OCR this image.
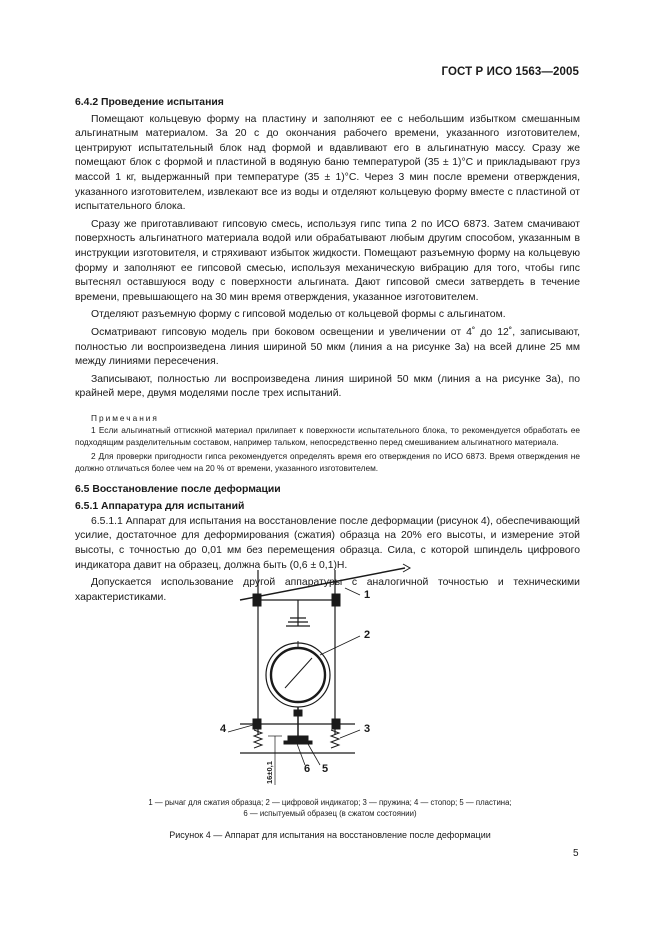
ГОСТ Р ИСО 1563—2005

6.4.2 Проведение испытания

Помещают кольцевую форму на пластину и заполняют ее с небольшим избытком смешанным альгинатным материалом. За 20 с до окончания рабочего времени, указанного изготовителем, центрируют испытательный блок над формой и вдавливают его в альгинатную массу. Сразу же помещают блок с формой и пластиной в водяную баню температурой (35 ± 1)°С и прикладывают груз массой 1 кг, выдержанный при температуре (35 ± 1)°С. Через 3 мин после времени отверждения, указанного изготовителем, извлекают все из воды и отделяют кольцевую форму вместе с пластиной от испытательного блока.

Сразу же приготавливают гипсовую смесь, используя гипс типа 2 по ИСО 6873. Затем смачивают поверхность альгинатного материала водой или обрабатывают любым другим способом, указанным в инструкции изготовителя, и стряхивают избыток жидкости. Помещают разъемную форму на кольцевую форму и заполняют ее гипсовой смесью, используя механическую вибрацию для того, чтобы гипс вытеснял оставшуюся воду с поверхности альгината. Дают гипсовой смеси затвердеть в течение времени, превышающего на 30 мин время отверждения, указанное изготовителем.

Отделяют разъемную форму с гипсовой моделью от кольцевой формы с альгинатом.

Осматривают гипсовую модель при боковом освещении и увеличении от 4˚ до 12˚, записывают, полностью ли воспроизведена линия шириной 50 мкм (линия а на рисунке 3а) на всей длине 25 мм между линиями пересечения.

Записывают, полностью ли воспроизведена линия шириной 50 мкм (линия а на рисунке 3а), по крайней мере, двумя моделями после трех испытаний.

Примечания

1 Если альгинатный оттискной материал прилипает к поверхности испытательного блока, то рекомендуется обработать ее подходящим разделительным составом, например тальком, непосредственно перед смешиванием альгинатного материала.

2 Для проверки пригодности гипса рекомендуется определять время его отверждения по ИСО 6873. Время отверждения не должно отличаться более чем на 20 % от времени, указанного изготовителем.

6.5 Восстановление после деформации

6.5.1 Аппаратура для испытаний

6.5.1.1 Аппарат для испытания на восстановление после деформации (рисунок 4), обеспечивающий усилие, достаточное для деформирования (сжатия) образца на 20% его высоты, и измерение этой высоты, с точностью до 0,01 мм без перемещения образца. Сила, с которой шпиндель цифрового индикатора давит на образец, должна быть (0,6 ± 0,1)Н.

Допускается использование другой аппаратуры с аналогичной точностью и техническими характеристиками.	1
2
3
4
5
6
16±0,1
1 — рычаг для сжатия образца; 2 — цифровой индикатор; 3 — пружина; 4 — стопор; 5 — пластина;
6 — испытуемый образец (в сжатом состоянии)
Рисунок 4 — Аппарат для испытания на восстановление после деформации
5
